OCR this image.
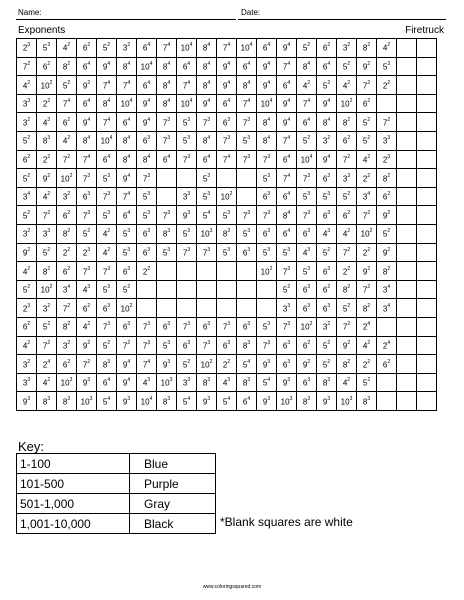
Name:	Date:
Exponents	Firetruck
$2^3$	$5^3$	$4^2$	$6^2$	$5^2$	$3^2$	$6^4$	$7^4$	$10^4$	$8^4$	$7^4$	$10^4$	$6^4$	$9^4$	$5^2$	$6^2$	$3^2$	$8^2$	$4^2$		
$7^2$	$6^2$	$8^2$	$6^4$	$9^4$	$8^4$	$10^4$	$8^4$	$6^4$	$8^4$	$9^4$	$6^4$	$9^4$	$7^4$	$8^4$	$6^4$	$5^2$	$9^2$	$5^3$		
$4^2$	$10^2$	$5^2$	$9^2$	$7^4$	$7^4$	$6^4$	$8^4$	$7^4$	$8^4$	$9^4$	$8^4$	$9^4$	$6^4$	$4^2$	$5^2$	$4^2$	$7^2$	$2^2$		
$3^3$	$2^2$	$7^4$	$6^4$	$8^4$	$10^4$	$9^4$	$8^4$	$10^4$	$9^4$	$6^4$	$7^4$	$10^4$	$9^4$	$7^4$	$9^4$	$10^2$	$6^2$			
$3^2$	$4^3$	$6^2$	$9^4$	$7^4$	$6^4$	$9^4$	$7^3$	$5^3$	$7^3$	$6^3$	$7^3$	$8^4$	$9^4$	$6^4$	$8^4$	$8^2$	$5^2$	$7^2$		
$5^2$	$8^3$	$4^2$	$8^4$	$10^4$	$8^4$	$6^3$	$7^3$	$5^3$	$8^4$	$7^3$	$5^3$	$8^4$	$7^4$	$5^2$	$3^2$	$6^2$	$5^2$	$3^3$		
$6^2$	$2^2$	$7^2$	$7^4$	$6^4$	$8^4$	$8^4$	$6^4$	$7^3$	$6^4$	$7^4$	$7^3$	$7^3$	$6^4$	$10^4$	$9^4$	$7^2$	$4^2$	$2^3$		
$5^2$	$9^2$	$10^2$	$7^3$	$5^3$	$9^4$	$7^3$			$5^3$			$5^3$	$7^4$	$7^3$	$6^3$	$3^3$	$2^2$	$8^2$		
$3^4$	$4^2$	$3^2$	$6^3$	$7^3$	$7^4$	$5^3$		$3^3$	$5^3$	$10^2$		$6^3$	$6^4$	$5^3$	$5^3$	$5^2$	$3^4$	$6^2$		
$5^2$	$7^2$	$6^2$	$7^3$	$5^3$	$6^4$	$5^3$	$7^3$	$9^3$	$5^4$	$5^3$	$7^3$	$7^3$	$8^4$	$7^3$	$6^3$	$6^2$	$7^2$	$9^2$		
$3^2$	$3^3$	$8^2$	$5^2$	$4^2$	$5^3$	$6^3$	$8^3$	$5^3$	$10^3$	$8^3$	$5^3$	$6^3$	$6^4$	$6^3$	$4^3$	$4^2$	$10^2$	$5^2$		
$9^2$	$5^2$	$2^2$	$2^3$	$4^2$	$5^3$	$6^3$	$5^3$	$7^3$	$7^3$	$5^3$	$6^3$	$5^3$	$5^3$	$4^3$	$5^2$	$7^2$	$2^2$	$9^2$		
$4^2$	$8^2$	$6^2$	$7^3$	$7^3$	$6^3$	$2^2$						$10^2$	$7^3$	$5^3$	$6^3$	$2^2$	$9^2$	$8^2$		
$5^2$	$10^2$	$3^4$	$4^3$	$5^3$	$5^2$								$5^2$	$6^3$	$6^2$	$8^2$	$7^2$	$3^4$		
$2^3$	$3^2$	$7^2$	$6^2$	$6^3$	$10^2$								$3^3$	$6^3$	$6^3$	$5^2$	$8^2$	$3^4$		
$6^2$	$5^2$	$8^2$	$4^2$	$7^3$	$6^3$	$7^3$	$6^3$	$7^3$	$6^3$	$7^3$	$6^3$	$5^3$	$7^3$	$10^2$	$3^2$	$7^2$	$2^4$			
$4^2$	$7^2$	$3^2$	$9^2$	$5^2$	$7^2$	$7^3$	$5^3$	$6^3$	$7^3$	$6^3$	$8^3$	$7^3$	$6^3$	$6^2$	$5^2$	$9^2$	$4^2$	$2^4$		
$3^2$	$2^4$	$6^2$	$7^2$	$8^3$	$9^4$	$7^4$	$9^3$	$5^2$	$10^2$	$2^2$	$5^4$	$9^3$	$6^3$	$9^2$	$5^2$	$8^2$	$2^2$	$6^2$		
$3^3$	$4^2$	$10^3$	$9^3$	$6^4$	$9^4$	$4^3$	$10^3$	$3^3$	$8^3$	$4^3$	$8^3$	$5^4$	$9^3$	$6^3$	$8^3$	$4^2$	$5^2$			
$9^3$	$8^3$	$8^3$	$10^3$	$5^4$	$9^3$	$10^4$	$8^3$	$5^4$	$9^3$	$5^4$	$6^4$	$9^3$	$10^3$	$8^3$	$9^3$	$10^3$	$8^3$			
Key:
1-100	Blue
101-500	Purple
501-1,000	Gray
1,001-10,000	Black	*Blank squares are white
www.coloringsquared.com
